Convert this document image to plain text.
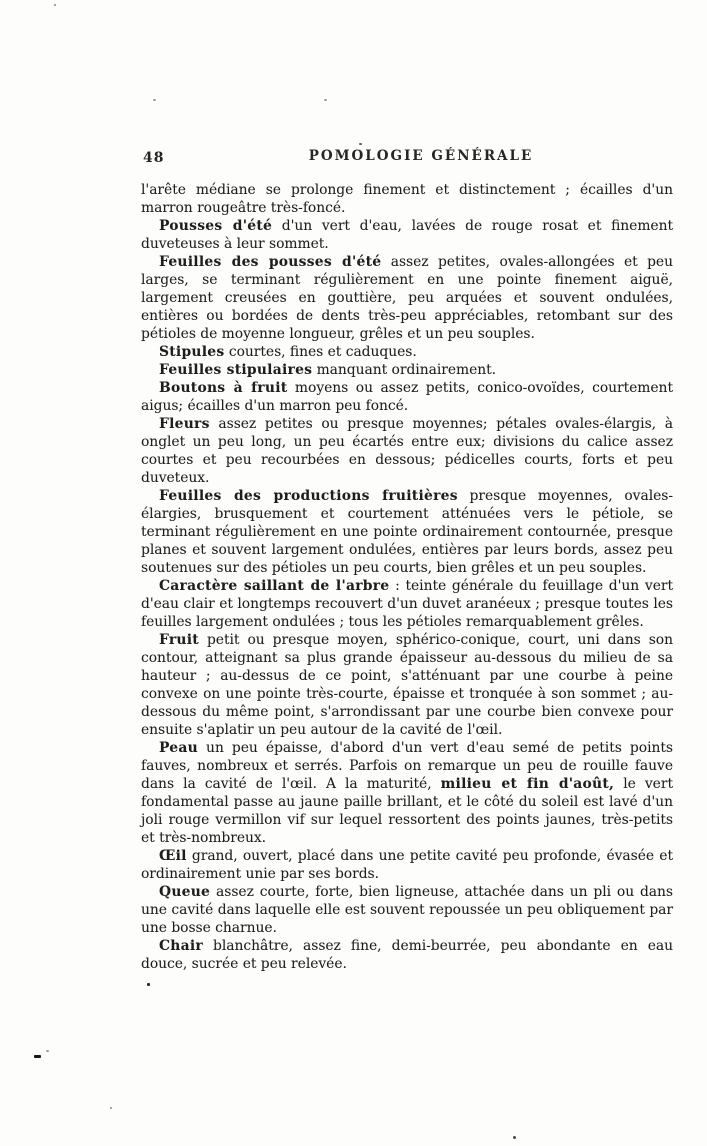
48	POMOLOGIE GÉNÉRALE

l'arête médiane se prolonge finement et distinctement ; écailles d'un marron rougeâtre très-foncé.

Pousses d'été d'un vert d'eau, lavées de rouge rosat et finement duveteuses à leur sommet.

Feuilles des pousses d'été assez petites, ovales-allongées et peu larges, se terminant régulièrement en une pointe finement aiguë, largement creusées en gouttière, peu arquées et souvent ondulées, entières ou bordées de dents très-peu appréciables, retombant sur des pétioles de moyenne longueur, grêles et un peu souples.

Stipules courtes, fines et caduques.

Feuilles stipulaires manquant ordinairement.

Boutons à fruit moyens ou assez petits, conico-ovoïdes, courtement aigus; écailles d'un marron peu foncé.

Fleurs assez petites ou presque moyennes; pétales ovales-élargis, à onglet un peu long, un peu écartés entre eux; divisions du calice assez courtes et peu recourbées en dessous; pédicelles courts, forts et peu duveteux.

Feuilles des productions fruitières presque moyennes, ovales-élargies, brusquement et courtement atténuées vers le pétiole, se terminant régulièrement en une pointe ordinairement contournée, presque planes et souvent largement ondulées, entières par leurs bords, assez peu soutenues sur des pétioles un peu courts, bien grêles et un peu souples.

Caractère saillant de l'arbre : teinte générale du feuillage d'un vert d'eau clair et longtemps recouvert d'un duvet aranéeux ; presque toutes les feuilles largement ondulées ; tous les pétioles remarquablement grêles.

Fruit petit ou presque moyen, sphérico-conique, court, uni dans son contour, atteignant sa plus grande épaisseur au-dessous du milieu de sa hauteur ; au-dessus de ce point, s'atténuant par une courbe à peine convexe on une pointe très-courte, épaisse et tronquée à son sommet ; au-dessous du même point, s'arrondissant par une courbe bien convexe pour ensuite s'aplatir un peu autour de la cavité de l'œil.

Peau un peu épaisse, d'abord d'un vert d'eau semé de petits points fauves, nombreux et serrés. Parfois on remarque un peu de rouille fauve dans la cavité de l'œil. A la maturité, milieu et fin d'août, le vert fondamental passe au jaune paille brillant, et le côté du soleil est lavé d'un joli rouge vermillon vif sur lequel ressortent des points jaunes, très-petits et très-nombreux.

Œil grand, ouvert, placé dans une petite cavité peu profonde, évasée et ordinairement unie par ses bords.

Queue assez courte, forte, bien ligneuse, attachée dans un pli ou dans une cavité dans laquelle elle est souvent repoussée un peu obliquement par une bosse charnue.

Chair blanchâtre, assez fine, demi-beurrée, peu abondante en eau douce, sucrée et peu relevée.
